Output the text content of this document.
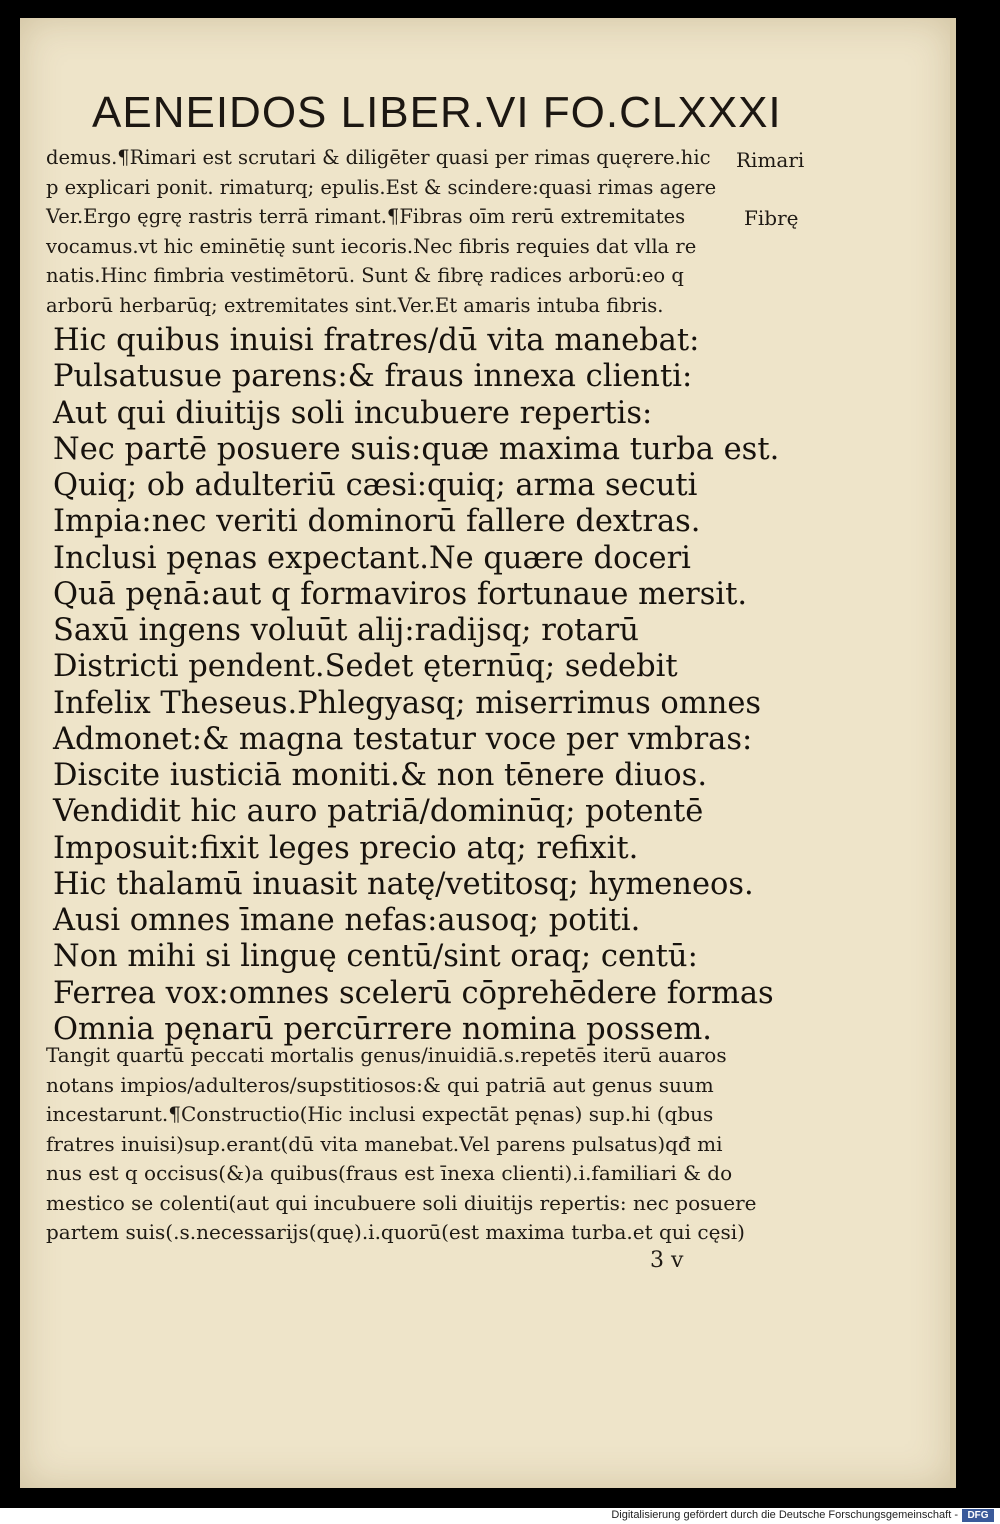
AENEIDOS LIBER.VI FO.CLXXXI
demus.¶Rimari est scrutari & diligēter quasi per rimas quęrere.hic
p explicari ponit. rimaturq; epulis.Est & scindere:quasi rimas agere
Ver.Ergo ęgrę rastris terrā rimant.¶Fibras oīm rerū extremitates
vocamus.vt hic eminētię sunt iecoris.Nec fibris requies dat vlla re
natis.Hinc fimbria vestimētorū. Sunt & fibrę radices arborū:eo q
arborū herbarūq; extremitates sint.Ver.Et amaris intuba fibris.
Rimari
Fibrę
Hic quibus inuisi fratres/dū vita manebat:
Pulsatusue parens:& fraus innexa clienti:
Aut qui diuitijs soli incubuere repertis:
Nec partē posuere suis:quæ maxima turba est.
Quiq; ob adulteriū cæsi:quiq; arma secuti
Impia:nec veriti dominorū fallere dextras.
Inclusi pęnas expectant.Ne quære doceri
Quā pęnā:aut q formaviros fortunaue mersit.
Saxū ingens voluūt alij:radijsq; rotarū
Districti pendent.Sedet ęternūq; sedebit
Infelix Theseus.Phlegyasq; miserrimus omnes
Admonet:& magna testatur voce per vmbras:
Discite iusticiā moniti.& non tēnere diuos.
Vendidit hic auro patriā/dominūq; potentē
Imposuit:fixit leges precio atq; refixit.
Hic thalamū inuasit natę/vetitosq; hymeneos.
Ausi omnes īmane nefas:ausoq; potiti.
Non mihi si linguę centū/sint oraq; centū:
Ferrea vox:omnes scelerū cōprehēdere formas
Omnia pęnarū percūrrere nomina possem.
Tangit quartū peccati mortalis genus/inuidiā.s.repetēs iterū auaros
notans impios/adulteros/supstitiosos:& qui patriā aut genus suum
incestarunt.¶Constructio(Hic inclusi expectāt pęnas) sup.hi (qbus
fratres inuisi)sup.erant(dū vita manebat.Vel parens pulsatus)qđ mi
nus est q occisus(&)a quibus(fraus est īnexa clienti).i.familiari & do
mestico se colenti(aut qui incubuere soli diuitijs repertis: nec posuere
partem suis(.s.necessarijs(quę).i.quorū(est maxima turba.et qui cęsi)
3 v
Digitalisierung gefördert durch die Deutsche Forschungsgemeinschaft - DFG
